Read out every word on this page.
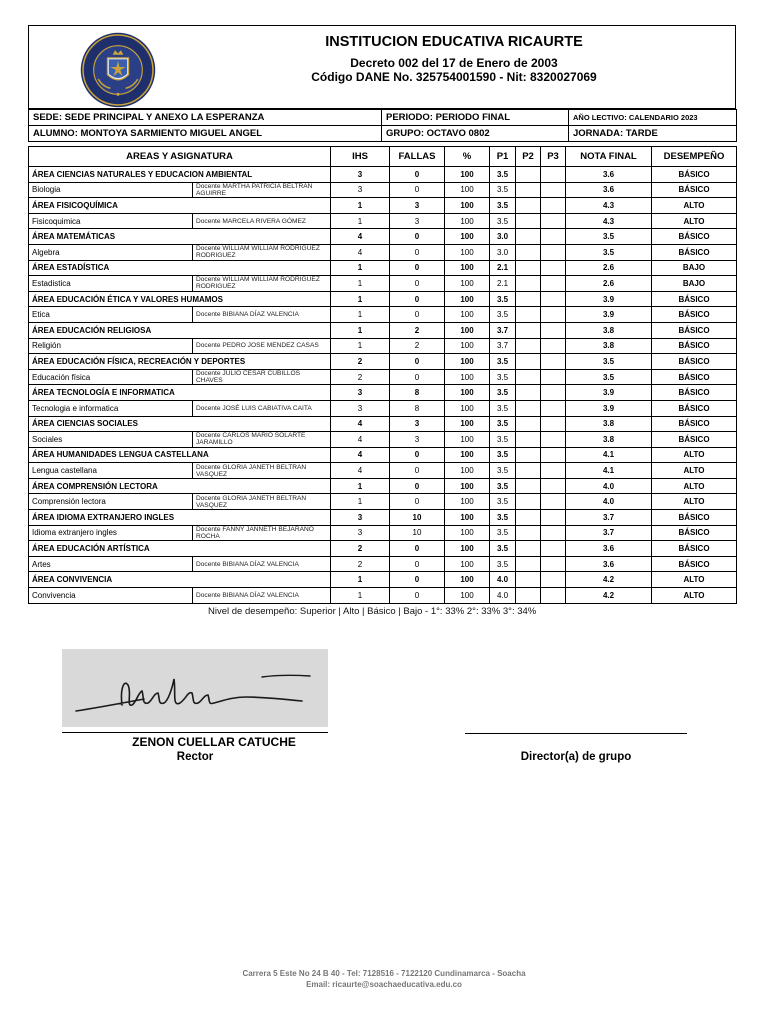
INSTITUCION EDUCATIVA RICAURTE
Decreto 002 del 17 de Enero de 2003
Código DANE No. 325754001590 - Nit: 8320027069
SEDE: SEDE PRINCIPAL Y ANEXO LA ESPERANZA	PERIODO: PERIODO FINAL	AÑO LECTIVO: CALENDARIO 2023
ALUMNO: MONTOYA SARMIENTO MIGUEL ANGEL	GRUPO: OCTAVO 0802	JORNADA: TARDE
AREAS Y ASIGNATURA		IHS	FALLAS	%	P1	P2	P3	NOTA FINAL	DESEMPEÑO
ÁREA CIENCIAS NATURALES Y EDUCACION AMBIENTAL		3	0	100	3.5			3.6	BÁSICO
Biologia	Docente MARTHA PATRICIA BELTRAN AGUIRRE	3	0	100	3.5			3.6	BÁSICO
ÁREA FISICOQUÍMICA		1	3	100	3.5			4.3	ALTO
Fisicoquimica	Docente MARCELA RIVERA GÓMEZ	1	3	100	3.5			4.3	ALTO
ÁREA MATEMÁTICAS		4	0	100	3.0			3.5	BÁSICO
Algebra	Docente WILLIAM WILLIAM RODRIGUEZ RODRIGUEZ	4	0	100	3.0			3.5	BÁSICO
ÁREA ESTADÍSTICA		1	0	100	2.1			2.6	BAJO
Estadistica	Docente WILLIAM WILLIAM RODRIGUEZ RODRIGUEZ	1	0	100	2.1			2.6	BAJO
ÁREA EDUCACIÓN ÉTICA Y VALORES HUMAMOS		1	0	100	3.5			3.9	BÁSICO
Etica	Docente BIBIANA DÍAZ VALENCIA	1	0	100	3.5			3.9	BÁSICO
ÁREA EDUCACIÓN RELIGIOSA		1	2	100	3.7			3.8	BÁSICO
Religión	Docente PEDRO JOSE MENDEZ CASAS	1	2	100	3.7			3.8	BÁSICO
ÁREA EDUCACIÓN FÍSICA, RECREACIÓN Y DEPORTES		2	0	100	3.5			3.5	BÁSICO
Educación física	Docente JULIO CESAR CUBILLOS CHAVES	2	0	100	3.5			3.5	BÁSICO
ÁREA TECNOLOGÍA E INFORMATICA		3	8	100	3.5			3.9	BÁSICO
Tecnologia e informatica	Docente JOSÉ LUIS CABIATIVA CAITA	3	8	100	3.5			3.9	BÁSICO
ÁREA CIENCIAS SOCIALES		4	3	100	3.5			3.8	BÁSICO
Sociales	Docente CARLOS MARIO SOLARTE JARAMILLO	4	3	100	3.5			3.8	BÁSICO
ÁREA HUMANIDADES LENGUA CASTELLANA		4	0	100	3.5			4.1	ALTO
Lengua castellana	Docente GLORIA JANETH BELTRAN VASQUEZ	4	0	100	3.5			4.1	ALTO
ÁREA COMPRENSIÓN LECTORA		1	0	100	3.5			4.0	ALTO
Comprensión lectora	Docente GLORIA JANETH BELTRAN VASQUEZ	1	0	100	3.5			4.0	ALTO
ÁREA IDIOMA EXTRANJERO INGLES		3	10	100	3.5			3.7	BÁSICO
Idioma extranjero ingles	Docente FANNY JANNETH BEJARANO ROCHA	3	10	100	3.5			3.7	BÁSICO
ÁREA EDUCACIÓN ARTÍSTICA		2	0	100	3.5			3.6	BÁSICO
Artes	Docente BIBIANA DÍAZ VALENCIA	2	0	100	3.5			3.6	BÁSICO
ÁREA CONVIVENCIA		1	0	100	4.0			4.2	ALTO
Convivencia	Docente BIBIANA DÍAZ VALENCIA	1	0	100	4.0			4.2	ALTO
Nivel de desempeño: Superior | Alto | Básico | Bajo - 1°: 33% 2°: 33% 3°: 34%
ZENON CUELLAR CATUCHE
Rector	Director(a) de grupo
Carrera 5 Este No 24 B 40 - Tel: 7128516 - 7122120 Cundinamarca - Soacha
Email: ricaurte@soachaeducativa.edu.co
